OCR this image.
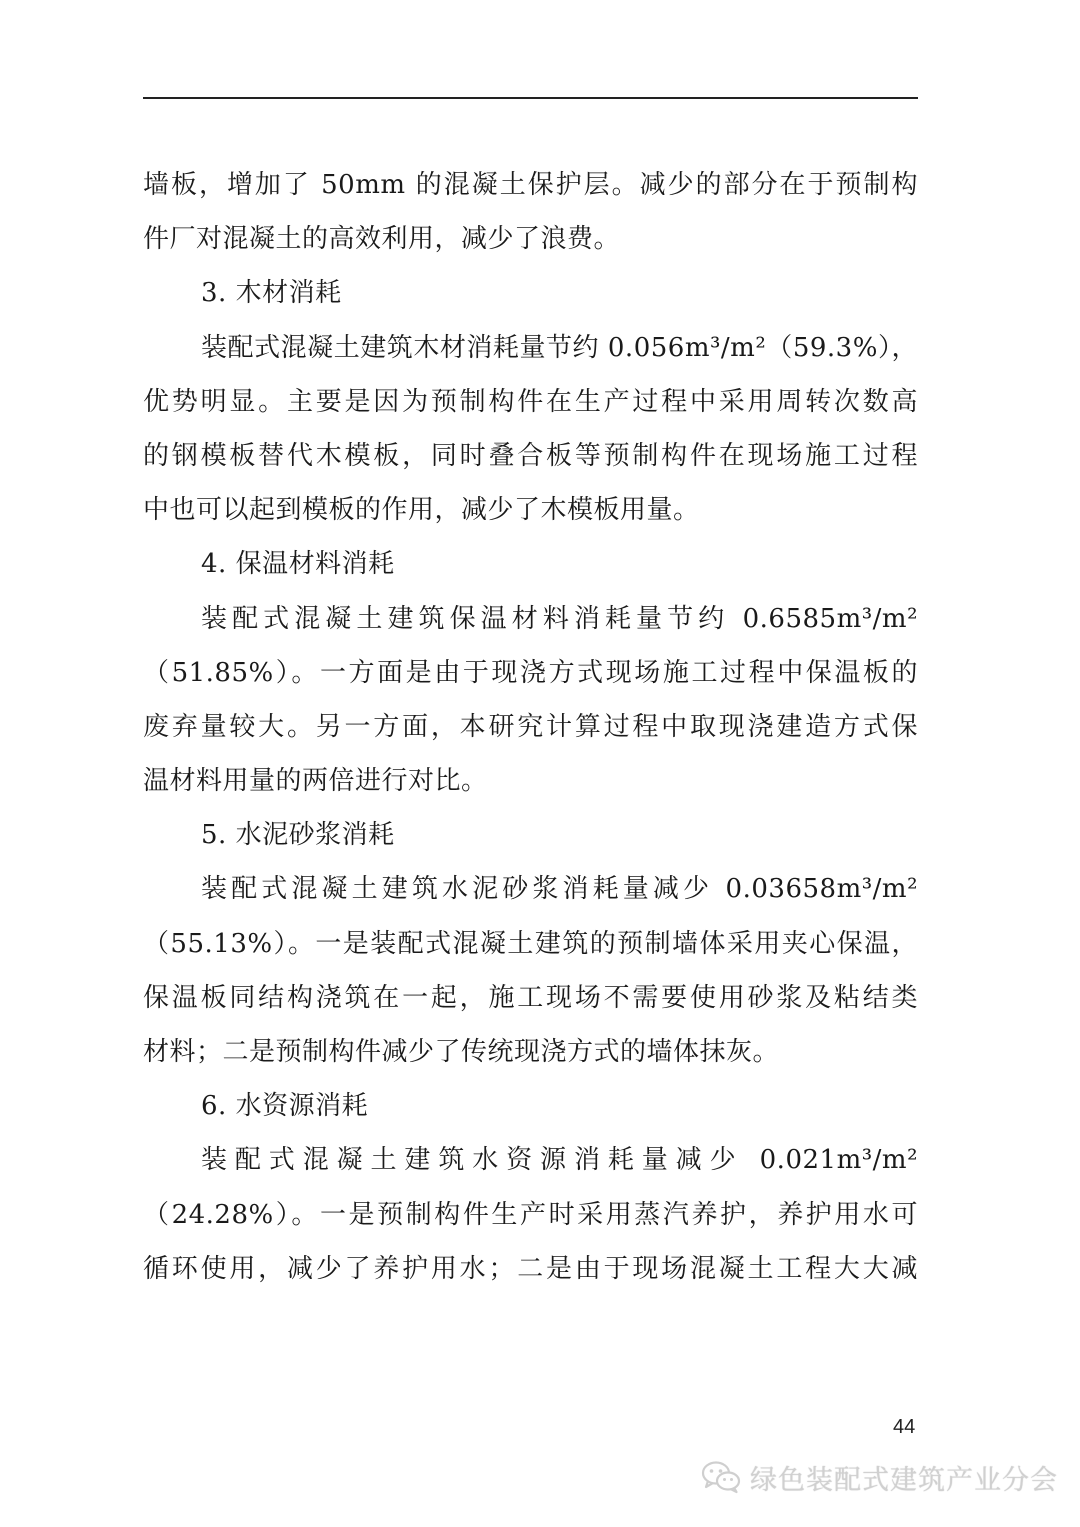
墙板，增加了 50mm 的混凝土保护层。减少的部分在于预制构
件厂对混凝土的高效利用，减少了浪费。
3. 木材消耗
装配式混凝土建筑木材消耗量节约 0.056m³/m²（59.3%），
优势明显。主要是因为预制构件在生产过程中采用周转次数高
的钢模板替代木模板，同时叠合板等预制构件在现场施工过程
中也可以起到模板的作用，减少了木模板用量。
4. 保温材料消耗
装配式混凝土建筑保温材料消耗量节约 0.6585m³/m²
（51.85%）。一方面是由于现浇方式现场施工过程中保温板的
废弃量较大。另一方面，本研究计算过程中取现浇建造方式保
温材料用量的两倍进行对比。
5. 水泥砂浆消耗
装配式混凝土建筑水泥砂浆消耗量减少 0.03658m³/m²
（55.13%）。一是装配式混凝土建筑的预制墙体采用夹心保温，
保温板同结构浇筑在一起，施工现场不需要使用砂浆及粘结类
材料；二是预制构件减少了传统现浇方式的墙体抹灰。
6. 水资源消耗
装配式混凝土建筑水资源消耗量减少 0.021m³/m²
（24.28%）。一是预制构件生产时采用蒸汽养护，养护用水可
循环使用，减少了养护用水；二是由于现场混凝土工程大大减
44
绿色装配式建筑产业分会
